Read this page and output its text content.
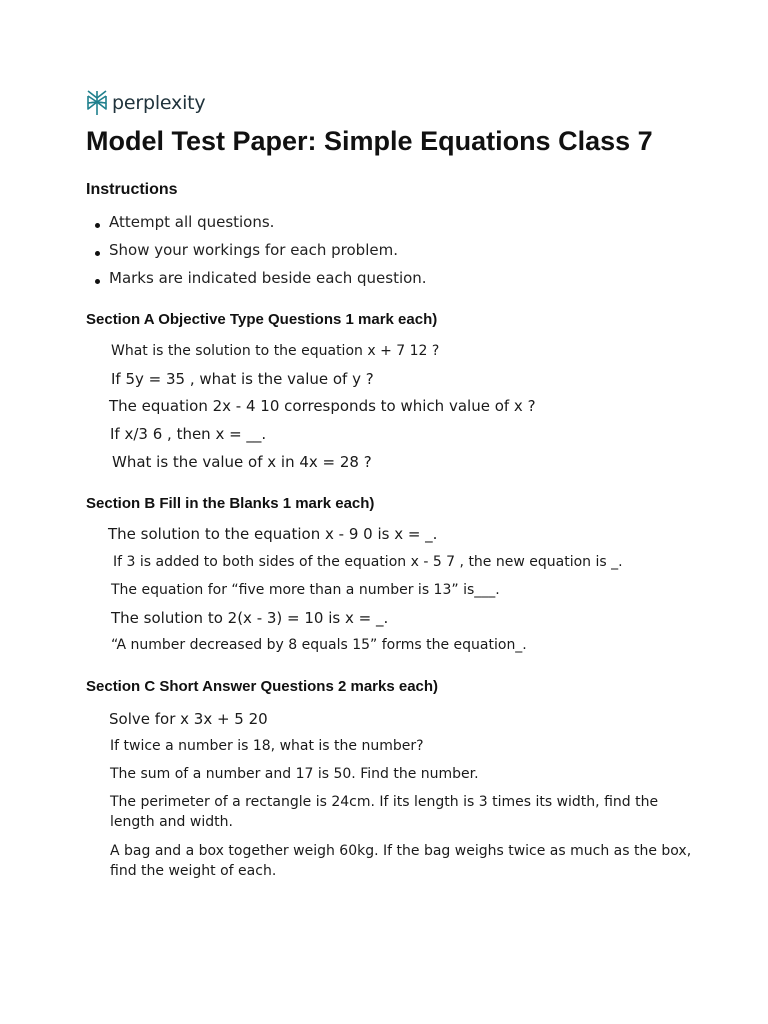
perplexity
Model Test Paper: Simple Equations Class 7
Instructions
Attempt all questions.
Show your workings for each problem.
Marks are indicated beside each question.
Section A Objective Type Questions 1 mark each)

What is the solution to the equation x + 7 12 ?

If 5y = 35 , what is the value of y ?

The equation 2x - 4 10 corresponds to which value of x ?

If x/3 6 , then x = __.

What is the value of x in 4x = 28 ?

Section B Fill in the Blanks 1 mark each)

The solution to the equation x - 9 0 is x = _.

If 3 is added to both sides of the equation x - 5 7 , the new equation is _.

The equation for “five more than a number is 13” is___.

The solution to 2(x - 3) = 10 is x = _.

“A number decreased by 8 equals 15” forms the equation_.

Section C Short Answer Questions 2 marks each)

Solve for x 3x + 5 20

If twice a number is 18, what is the number?

The sum of a number and 17 is 50. Find the number.

The perimeter of a rectangle is 24cm. If its length is 3 times its width, find the length and width.

A bag and a box together weigh 60kg. If the bag weighs twice as much as the box, find the weight of each.
